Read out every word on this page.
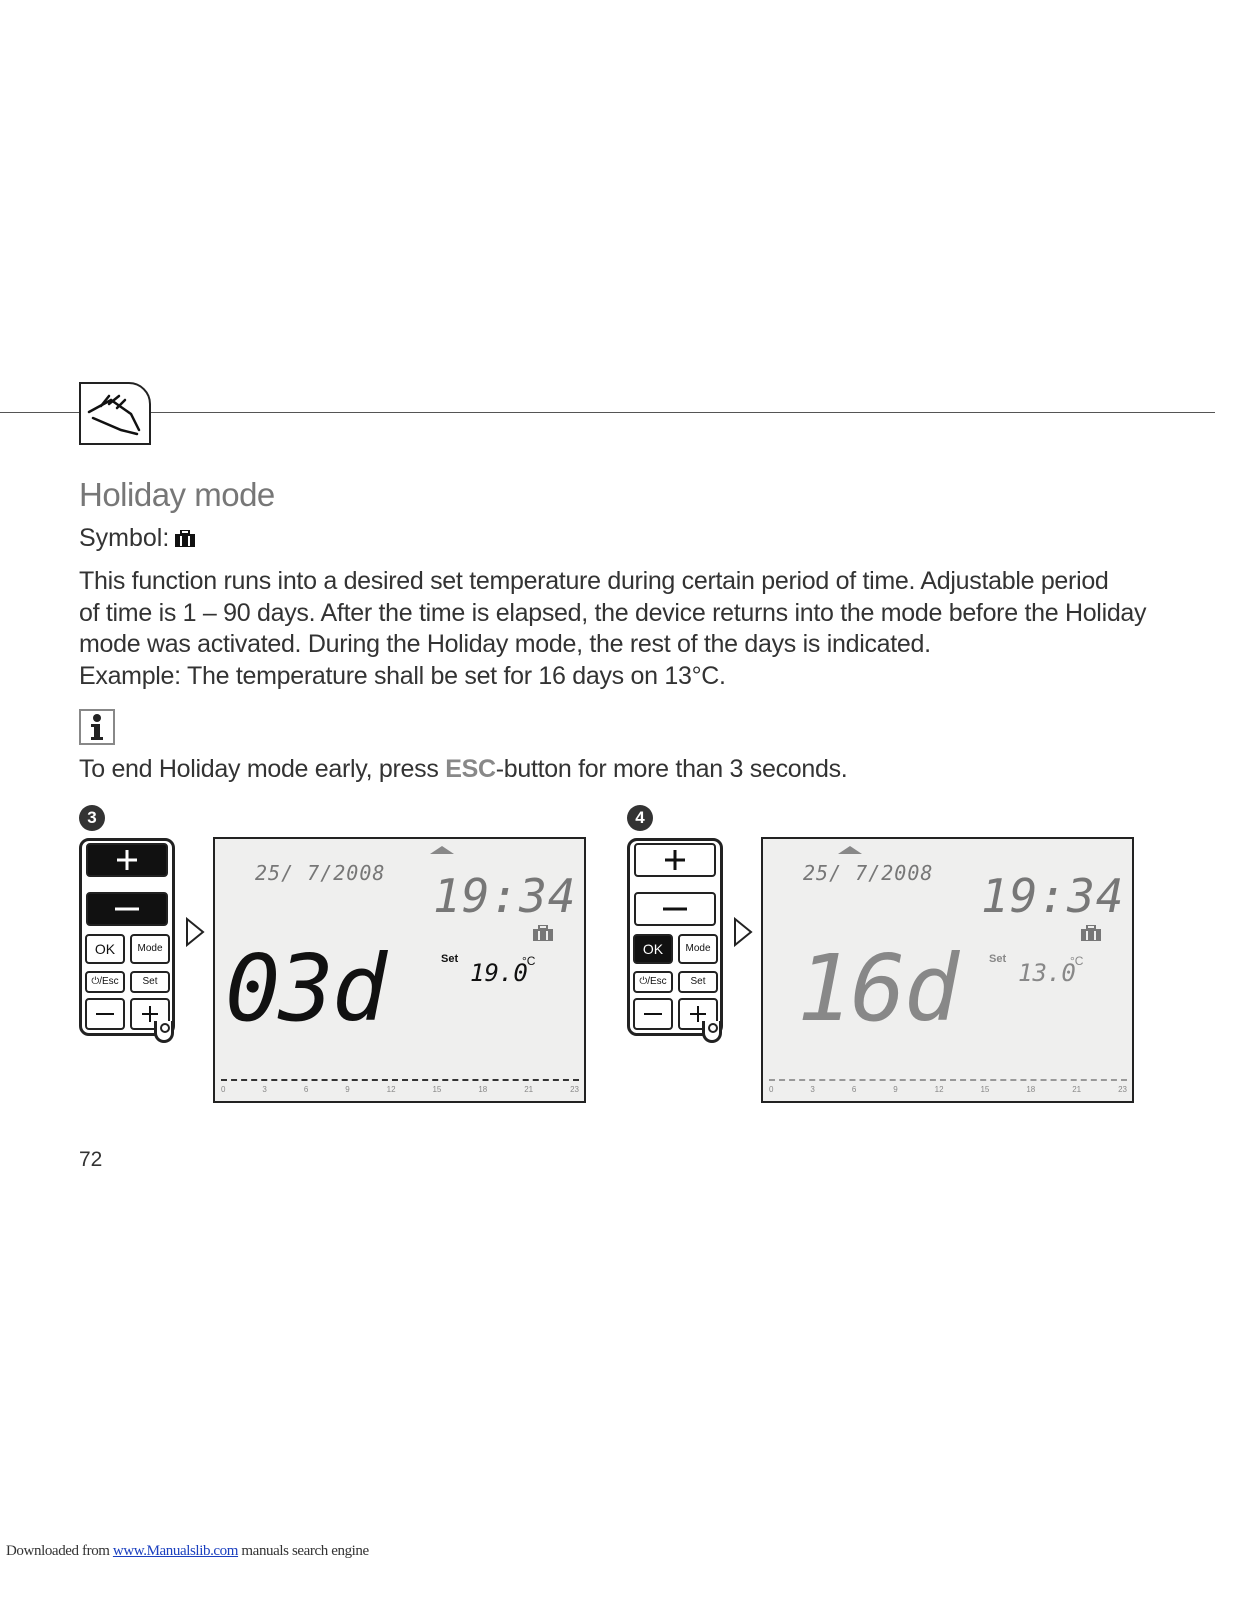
Holiday mode
Symbol:

This function runs into a desired set temperature during certain period of time. Adjustable period

of time is 1 – 90 days. After the time is elapsed, the device returns into the mode before the Holiday

mode was activated. During the Holiday mode, the rest of the days is indicated.

Example: The temperature shall be set for 16 days on 13°C.

To end Holiday mode early, press ESC-button for more than 3 seconds.
3
OK	Mode
⏻/Esc	Set
25/ 7/2008 19:34
03d	Set 19.0
°C
0	3	6	9	12	15	18	21	23
4
OK	Mode
⏻/Esc	Set
25/ 7/2008 19:34
16d	Set 13.0
°C
0	3	6	9	12	15	18	21	23
72
Downloaded from www.Manualslib.com manuals search engine
